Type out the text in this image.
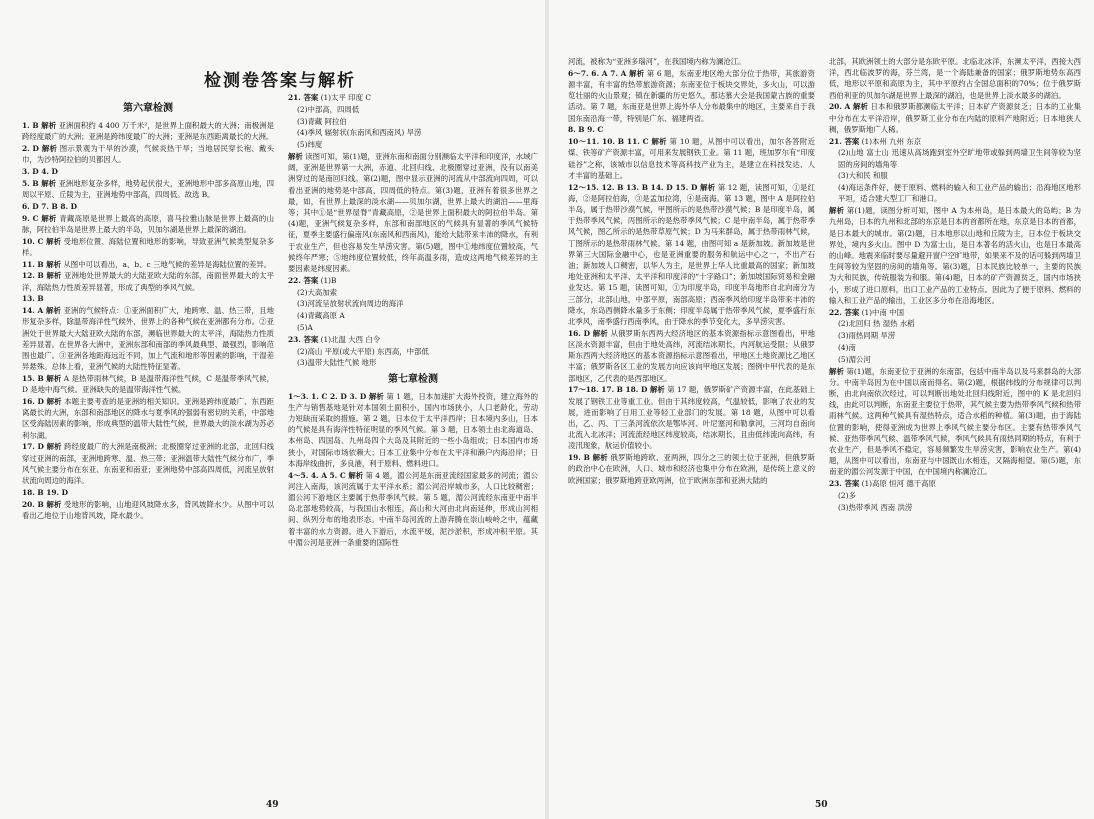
检测卷答案与解析
第六章检测

1. B 解析 亚洲面积约 4 400 万千米²，是世界上面积最大的大洲；南极洲是跨经度最广的大洲；亚洲是跨纬度最广的大洲；亚洲是东西距离最长的大洲。

2. D 解析 图示景观为干旱的沙漠，气候炎热干旱；当地居民穿长袍、戴头巾，为沙特阿拉伯的贝都因人。

3. D 4. D

5. B 解析 亚洲地形复杂多样，地势起伏很大，亚洲地形中部多高原山地，四周以平原、丘陵为主，亚洲地势中部高，四周低。故选 B。

6. D 7. B 8. D

9. C 解析 青藏高原是世界上最高的高原，喜马拉雅山脉是世界上最高的山脉，阿拉伯半岛是世界上最大的半岛，贝加尔湖是世界上最深的湖泊。

10. C 解析 受地形位置、海陆位置和地形的影响，导致亚洲气候类型复杂多样。

11. B 解析 从图中可以看出，a、b、c 三地气候的差异是海陆位置的差异。

12. B 解析 亚洲地处世界最大的大陆亚欧大陆的东部，南面世界最大的太平洋，海陆热力性质差异显著，形成了典型的季风气候。

13. B

14. A 解析 亚洲的气候特点：①亚洲面积广大，地跨寒、温、热三带，且地形复杂多样，除温带海洋性气候外，世界上的各种气候在亚洲都有分布。②亚洲处于世界最大大陆亚欧大陆的东部，濒临世界最大的太平洋，海陆热力性质差异显著。在世界各大洲中，亚洲东部和南部的季风最典型、最强烈，影响范围也最广。③亚洲各地距海远近不同，加上气流和地形等因素的影响，干湿差异悬殊。总体上看，亚洲气候的大陆性特征显著。

15. B 解析 A 是热带雨林气候，B 是温带海洋性气候，C 是温带季风气候，D 是地中海气候。亚洲缺失的是温带海洋性气候。

16. D 解析 本题主要考查的是亚洲的相关知识。亚洲是跨纬度最广、东西距离最长的大洲，东部和南部地区的降水与夏季风的强弱有密切的关系，中部地区受海陆因素的影响，形成典型的温带大陆性气候，世界最大的淡水湖为苏必利尔湖。

17. D 解析 跨经度最广的大洲是南极洲；北极圈穿过亚洲的北部，北回归线穿过亚洲的南部，亚洲地跨寒、温、热三带；亚洲温带大陆性气候分布广，季风气候主要分布在东亚、东南亚和南亚；亚洲地势中部高四周低，河流呈放射状流向周边的海洋。

18. B 19. D

20. B 解析 受地形的影响，山地迎风坡降水多，背风坡降水少。从图中可以看出乙地位于山地背风坡，降水最少。

21. 答案 (1)太平 印度 C

(2)中部高，四周低

(3)青藏 阿拉伯

(4)季风 辐射状(东南风和西南风) 旱涝

(5)纬度

解析 读图可知，第(1)题，亚洲东南和南面分别濒临太平洋和印度洋，水域广阔，亚洲是世界第一大洲，赤道、北回归线、北极圈穿过亚洲，没有以南美洲穿过的是南回归线。第(2)题，图中显示亚洲的河流从中部流向四周，可以看出亚洲的地势是中部高，四周低的特点。第(3)题，亚洲有着很多世界之最，如，有世界上最深的淡水湖——贝加尔湖，世界上最大的湖泊——里海等；其中①是“世界屋脊”青藏高原，②是世界上面积最大的阿拉伯半岛。第(4)题，亚洲气候复杂多样，东部和南部地区的气候具有显著的季风气候特征，夏季主要盛行偏南风(东南风和西南风)，能给大陆带来丰沛的降水，有利于农业生产，但也容易发生旱涝灾害。第(5)题，图中①地纬度位置较高，气候终年严寒；⑤地纬度位置较低，终年高温多雨，造成这两地气候差异的主要因素是纬度因素。

22. 答案 (1)B

(2)大高加索

(3)河流呈放射状流向周边的海洋

(4)青藏高原 A

(5)A

23. 答案 (1)北温 大西 白令

(2)高山 平原(或大平原) 东西高，中部低

(3)温带大陆性气候 地形

第七章检测

1～3. 1. C 2. D 3. D 解析 第 1 题，日本加速扩大海外投资，建立海外的生产与销售基地是针对本国领土面积小，国内市场狭小，人口老龄化，劳动力短缺而采取的措施。第 2 题，日本位于太平洋西岸；日本境内多山，日本的气候是具有海洋性特征明显的季风气候。第 3 题，日本领土由北海道岛、本州岛、四国岛、九州岛四个大岛及其附近的一些小岛组成；日本国内市场狭小，对国际市场依赖大；日本工业集中分布在太平洋和濑户内海沿岸；日本海岸线曲折，多良港，利于原料、燃料进口。

4～5. 4. A 5. C 解析 第 4 题，湄公河是东南亚流经国家最多的河流；湄公河注入南海，该河流属于太平洋水系；湄公河沿岸城市多，人口比较稠密；湄公河下游地区主要属于热带季风气候。第 5 题，湄公河流经东南亚中南半岛北部地势较高，与我国山水相连，高山和大河由北向南延伸，形成山河相间、纵列分布的地表形态。中南半岛河流的上游奔腾在崇山峻岭之中，蕴藏着丰富的水力资源。进入下游后，水流平缓，泥沙淤积，形成冲积平原。其中湄公河是亚洲一条重要的国际性

河流，被称为“亚洲多瑙河”，在我国境内称为澜沧江。

6～7. 6. A 7. A 解析 第 6 题，东南亚地区绝大部分位于热带，其旅游资源丰富，有丰富的热带旅游资源；东南亚位于板块交界处，多火山，可以游览壮丽的火山景观；镇在新疆的历史悠久，那达慕大会是我国蒙古族的重要活动。第 7 题，东南亚是世界上海外华人分布最集中的地区，主要来自于我国东南沿海一带，特别是广东、福建两省。

8. B 9. C

10～11. 10. B 11. C 解析 第 10 题，从图中可以看出，加尔各答附近煤、铁等矿产资源丰富，可用来发展钢铁工业。第 11 题，班加罗尔有“印度硅谷”之称，该城市以信息技术等高科技产业为主，是建立在科技发达、人才丰富的基础上。

12～15. 12. B 13. B 14. D 15. D 解析 第 12 题，读图可知，①是红海，②是阿拉伯海，③是孟加拉湾，④是南海。第 13 题，图中 A 是阿拉伯半岛，属于热带沙漠气候，甲图所示的是热带沙漠气候；B 是印度半岛，属于热带季风气候，丙图所示的是热带季风气候；C 是中南半岛，属于热带季风气候，图乙所示的是热带草原气候；D 为马来群岛，属于热带雨林气候，丁图所示的是热带雨林气候。第 14 题，由图可知 a 是新加坡。新加坡是世界第三大国际金融中心，也是亚洲重要的服务和航运中心之一，不出产石油；新加坡人口稠密，以华人为主，是世界上华人比重最高的国家；新加坡地处亚洲和太平洋、太平洋和印度洋的“十字路口”；新加坡国际贸易和金融业发达。第 15 题，读图可知，①为印度半岛，印度半岛地形自北向南分为三部分，北部山地，中部平原，南部高原；西南季风给印度半岛带来丰沛的降水，东岛西侧降水量多于东侧；印度半岛属于热带季风气候，夏季盛行东北季风，南季盛行西南季风，由于降水的季节变化大，多旱涝灾害。

16. D 解析 从俄罗斯东西两大经济地区的基本资源指标示意图看出，甲地区淡水资源丰富，但由于地处高纬，河流结冰期长，内河航运受限；从俄罗斯东西两大经济地区的基本资源指标示意图看出，甲地区土地资源比乙地区丰富；俄罗斯各区工业的发展方向应该向甲地区发展；图例中甲代表的是东部地区，乙代表的是西部地区。

17～18. 17. B 18. D 解析 第 17 题，俄罗斯矿产资源丰富，在此基础上发展了钢铁工业等重工业。但由于其纬度较高，气温较低，影响了农业的发展，进而影响了日用工业等轻工业部门的发展。第 18 题，从图中可以看出，乙、丙、丁三条河流依次是鄂毕河、叶尼塞河和勒拿河，三河均自南向北流入北冰洋；河流流经地区纬度较高，结冰期长，且由低纬流向高纬，有凌汛现象，航运价值较小。

19. B 解析 俄罗斯地跨欧、亚两洲，四分之三的领土位于亚洲，但俄罗斯的政治中心在欧洲，人口、城市和经济也集中分布在欧洲，是传统上意义的欧洲国家；俄罗斯地跨亚欧两洲，位于欧洲东部和亚洲大陆的

北部，其欧洲领土的大部分是东欧平原。北临北冰洋，东濒太平洋，西接大西洋，西北临波罗的海，芬兰湾，是一个海陆兼备的国家；俄罗斯地势东高西低，地形以平原和高原为主，其中平原约占全国总面积的70%；位于俄罗斯西伯利亚的贝加尔湖是世界上最深的湖泊，也是世界上淡水最多的湖泊。

20. A 解析 日本和俄罗斯都濒临太平洋；日本矿产资源贫乏；日本的工业集中分布在太平洋沿岸，俄罗斯工业分布在内陆的原料产地附近；日本地狭人稠，俄罗斯地广人稀。

21. 答案 (1)本州 九州 东京

(2)山地 富士山 迅速从高场跑到室外空旷地带或躲到两墙卫生间等较为坚固的房间的墙角等

(3)大和民 和服

(4)海运条件好，便于原料、燃料的输入和工业产品的输出；沿海地区地形平坦，适合建大型工厂和港口。

解析 第(1)题，读图分析可知，图中 A 为本州岛，是日本最大的岛屿；B 为九州岛，日本的九州和北部的东京是日本的首都所在地，东京是日本的首都，是日本最大的城市。第(2)题，日本地形以山地和丘陵为主，日本位于板块交界处，境内多火山。图中 D 为富士山，是日本著名的活火山，也是日本最高的山峰。地震来临时要尽量避开窗户空旷地带，如果来不及的话可躲到两墙卫生间等较为坚固的房间的墙角等。第(3)题，日本民族比较单一，主要的民族为大和民族，传统服装为和服。第(4)题，日本的矿产资源贫乏，国内市场狭小，形成了进口原料，出口工业产品的工业特点。因此为了便于原料、燃料的输入和工业产品的输出，工业区多分布在沿海地区。

22. 答案 (1)中南 中国

(2)北回归 热 湿热 水稻

(3)雨热同期 旱涝

(4)南

(5)湄公河

解析 第(1)题，东南亚位于亚洲的东南部，包括中南半岛以及马来群岛的大部分。中南半岛因为在中国以南而得名。第(2)题，根据纬线的分布规律可以判断，由北向南依次经过，可以判断出地处北回归线附近，图中的 K 是北回归线，由此可以判断，东南亚主要位于热带，其气候主要为热带季风气候和热带雨林气候。这两种气候具有湿热特点，适合水稻的种植。第(3)题，由于海陆位置的影响，使得亚洲成为世界上季风气候主要分布区。主要有热带季风气候、亚热带季风气候、温带季风气候，季风气候具有雨热同期的特点，有利于农业生产，但是季风不稳定，容易频繁发生旱涝灾害，影响农业生产。第(4)题，从图中可以看出，东南亚与中国既山水相连，又隔海相望。第(5)题，东南亚的湄公河发源于中国，在中国境内称澜沧江。

23. 答案 (1)高原 恒河 德干高原

(2)多

(3)热带季风 西南 洪涝

49	50
